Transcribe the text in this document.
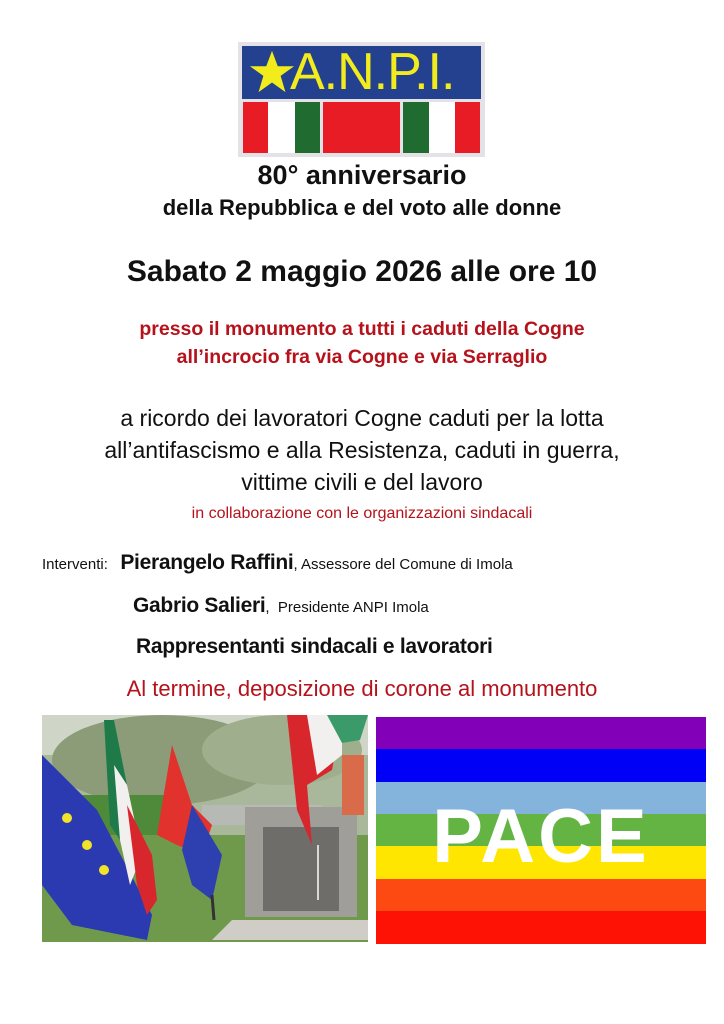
A.N.P.I.
80° anniversario
della Repubblica e del voto alle donne
Sabato 2 maggio 2026 alle ore 10
presso il monumento a tutti i caduti della Cogne
all’incrocio fra via Cogne e via Serraglio
a ricordo dei lavoratori Cogne caduti per la lotta
all’antifascismo e alla Resistenza, caduti in guerra,
vittime civili e del lavoro
in collaborazione con le organizzazioni sindacali
Interventi: Pierangelo Raffini, Assessore del Comune di Imola
Gabrio Salieri,  Presidente ANPI Imola
Rappresentanti sindacali e lavoratori
Al termine, deposizione di corone al monumento
PACE
